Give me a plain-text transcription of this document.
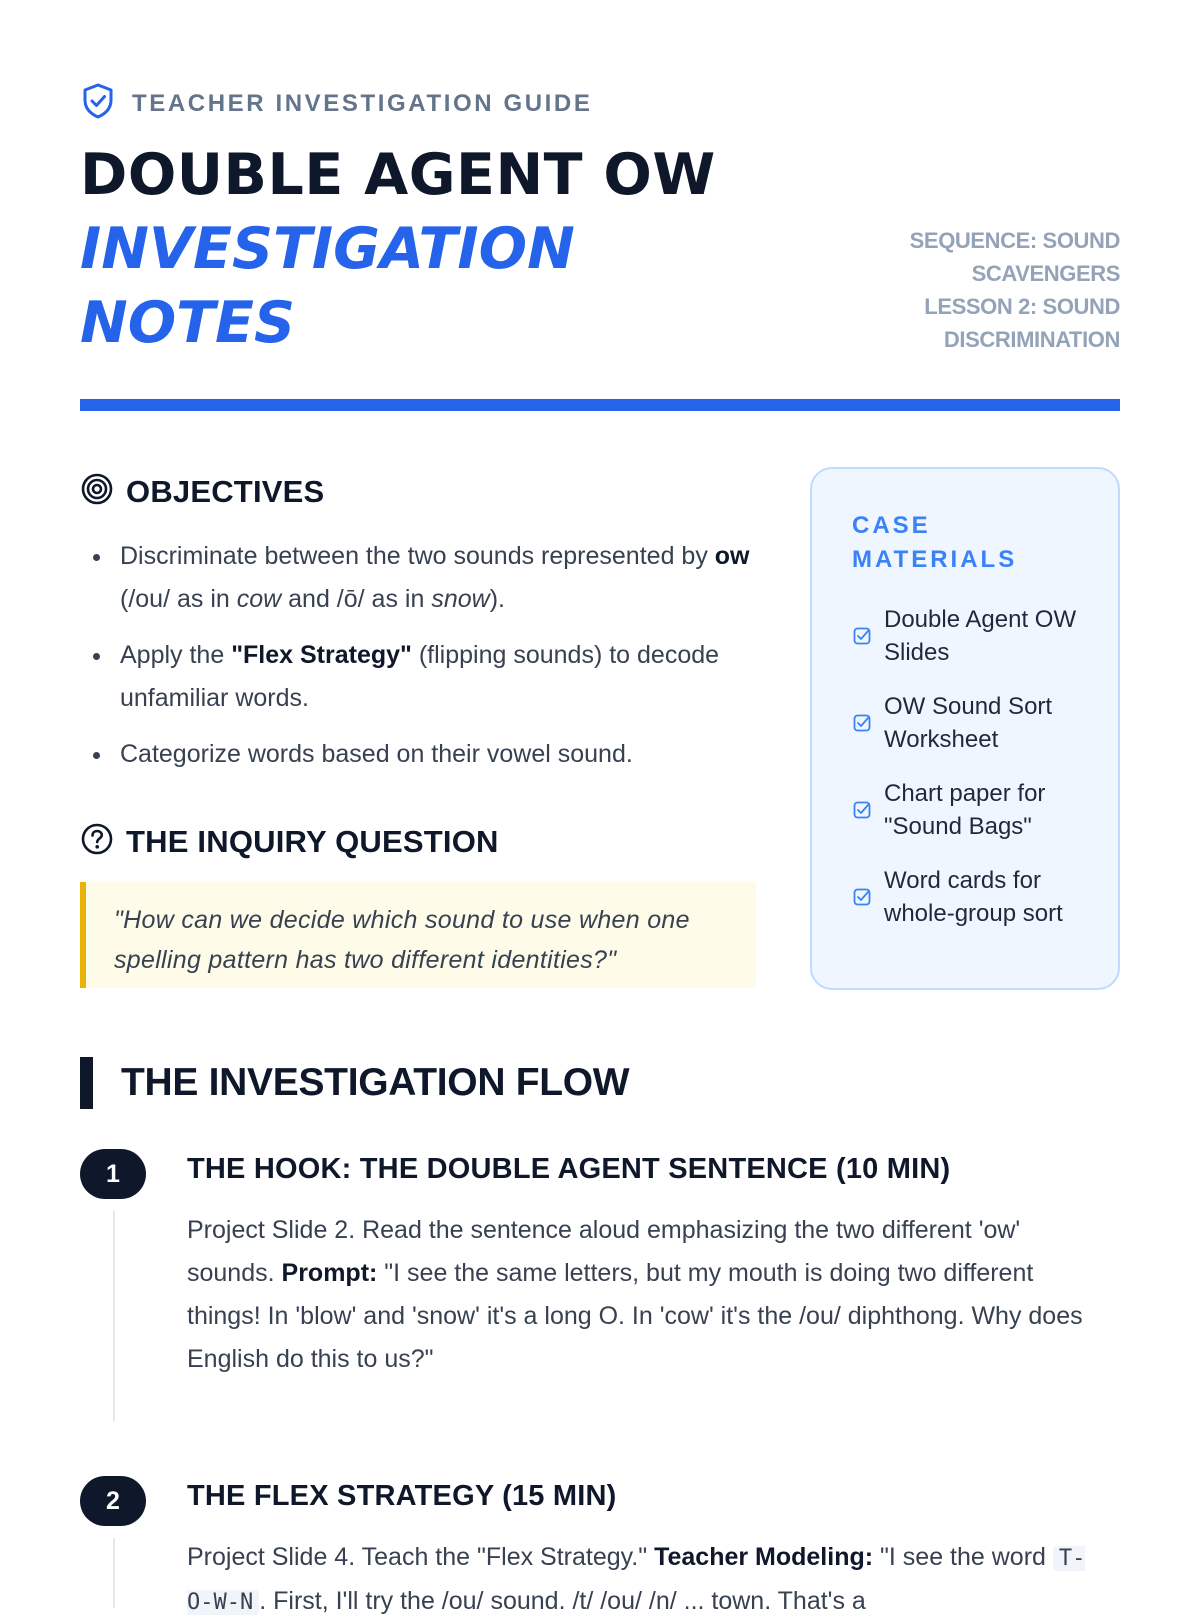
TEACHER INVESTIGATION GUIDE
DOUBLE AGENT OW
INVESTIGATION NOTES
SEQUENCE: SOUND SCAVENGERS
LESSON 2: SOUND DISCRIMINATION
OBJECTIVES
Discriminate between the two sounds represented by ow (/ou/ as in cow and /ō/ as in snow).
Apply the "Flex Strategy" (flipping sounds) to decode unfamiliar words.
Categorize words based on their vowel sound.
THE INQUIRY QUESTION
"How can we decide which sound to use when one spelling pattern has two different identities?"
CASE MATERIALS
Double Agent OW Slides
OW Sound Sort Worksheet
Chart paper for "Sound Bags"
Word cards for whole-group sort
THE INVESTIGATION FLOW
1	THE HOOK: THE DOUBLE AGENT SENTENCE (10 MIN)
Project Slide 2. Read the sentence aloud emphasizing the two different 'ow' sounds. Prompt: "I see the same letters, but my mouth is doing two different things! In 'blow' and 'snow' it's a long O. In 'cow' it's the /ou/ diphthong. Why does English do this to us?"
2	THE FLEX STRATEGY (15 MIN)
Project Slide 4. Teach the "Flex Strategy." Teacher Modeling: "I see the word T-O-W-N . First, I'll try the /ou/ sound. /t/ /ou/ /n/ ... town. That's a
